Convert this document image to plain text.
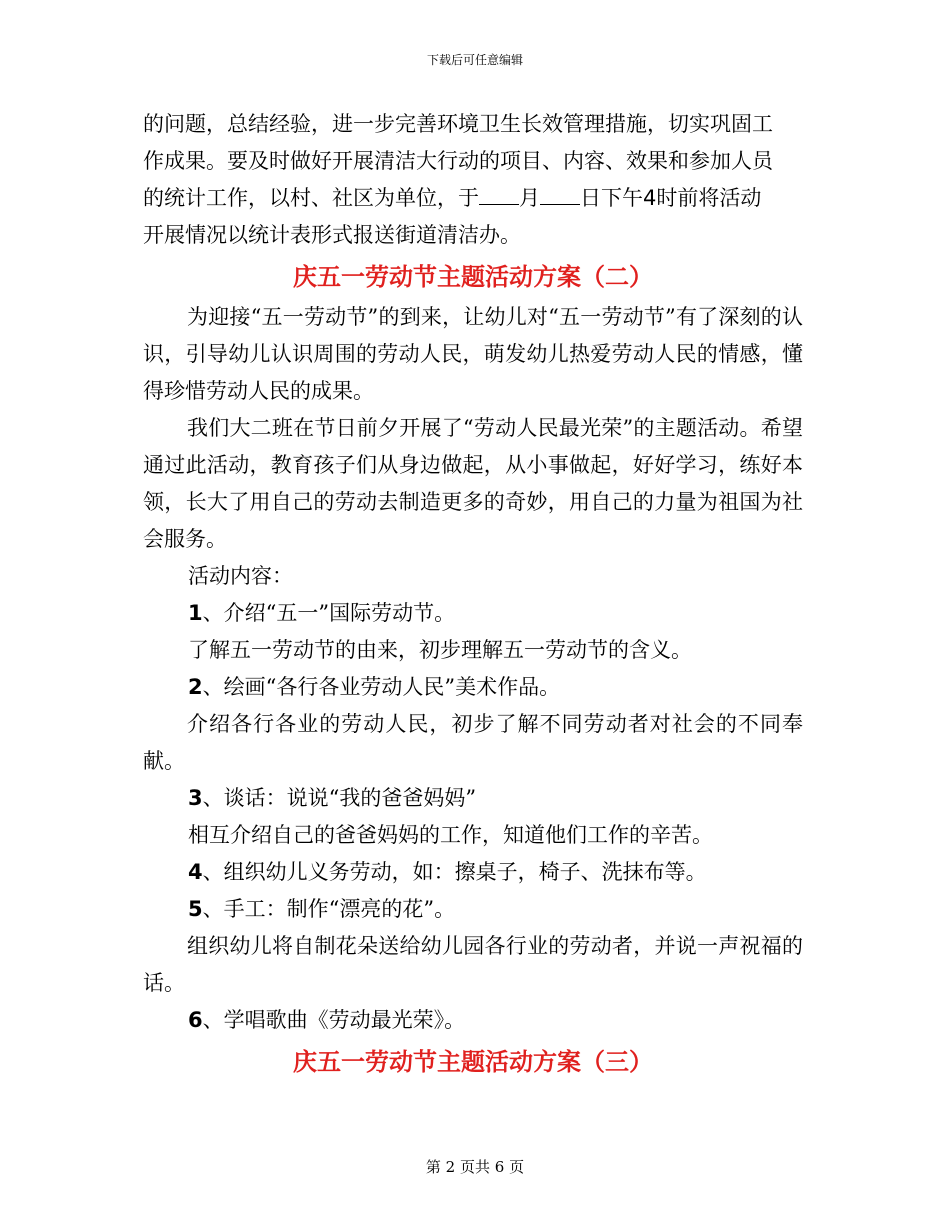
下载后可任意编辑

的问题，总结经验，进一步完善环境卫生长效管理措施，切实巩固工

作成果。要及时做好开展清洁大行动的项目、内容、效果和参加人员

的统计工作，以村、社区为单位，于 月 日下午4时前将活动

开展情况以统计表形式报送街道清洁办。

庆五一劳动节主题活动方案（二）

为迎接“五一劳动节”的到来，让幼儿对“五一劳动节”有了深刻的认识，引导幼儿认识周围的劳动人民，萌发幼儿热爱劳动人民的情感，懂得珍惜劳动人民的成果。

我们大二班在节日前夕开展了“劳动人民最光荣”的主题活动。希望通过此活动，教育孩子们从身边做起，从小事做起，好好学习，练好本领，长大了用自己的劳动去制造更多的奇妙，用自己的力量为祖国为社会服务。

活动内容：

1、介绍“五一”国际劳动节。

了解五一劳动节的由来，初步理解五一劳动节的含义。

2、绘画“各行各业劳动人民”美术作品。

介绍各行各业的劳动人民，初步了解不同劳动者对社会的不同奉献。

3、谈话：说说“我的爸爸妈妈”

相互介绍自己的爸爸妈妈的工作，知道他们工作的辛苦。

4、组织幼儿义务劳动，如：擦桌子，椅子、洗抹布等。

5、手工：制作“漂亮的花”。

组织幼儿将自制花朵送给幼儿园各行业的劳动者，并说一声祝福的话。

6、学唱歌曲《劳动最光荣》。

庆五一劳动节主题活动方案（三）
第 2 页共 6 页
